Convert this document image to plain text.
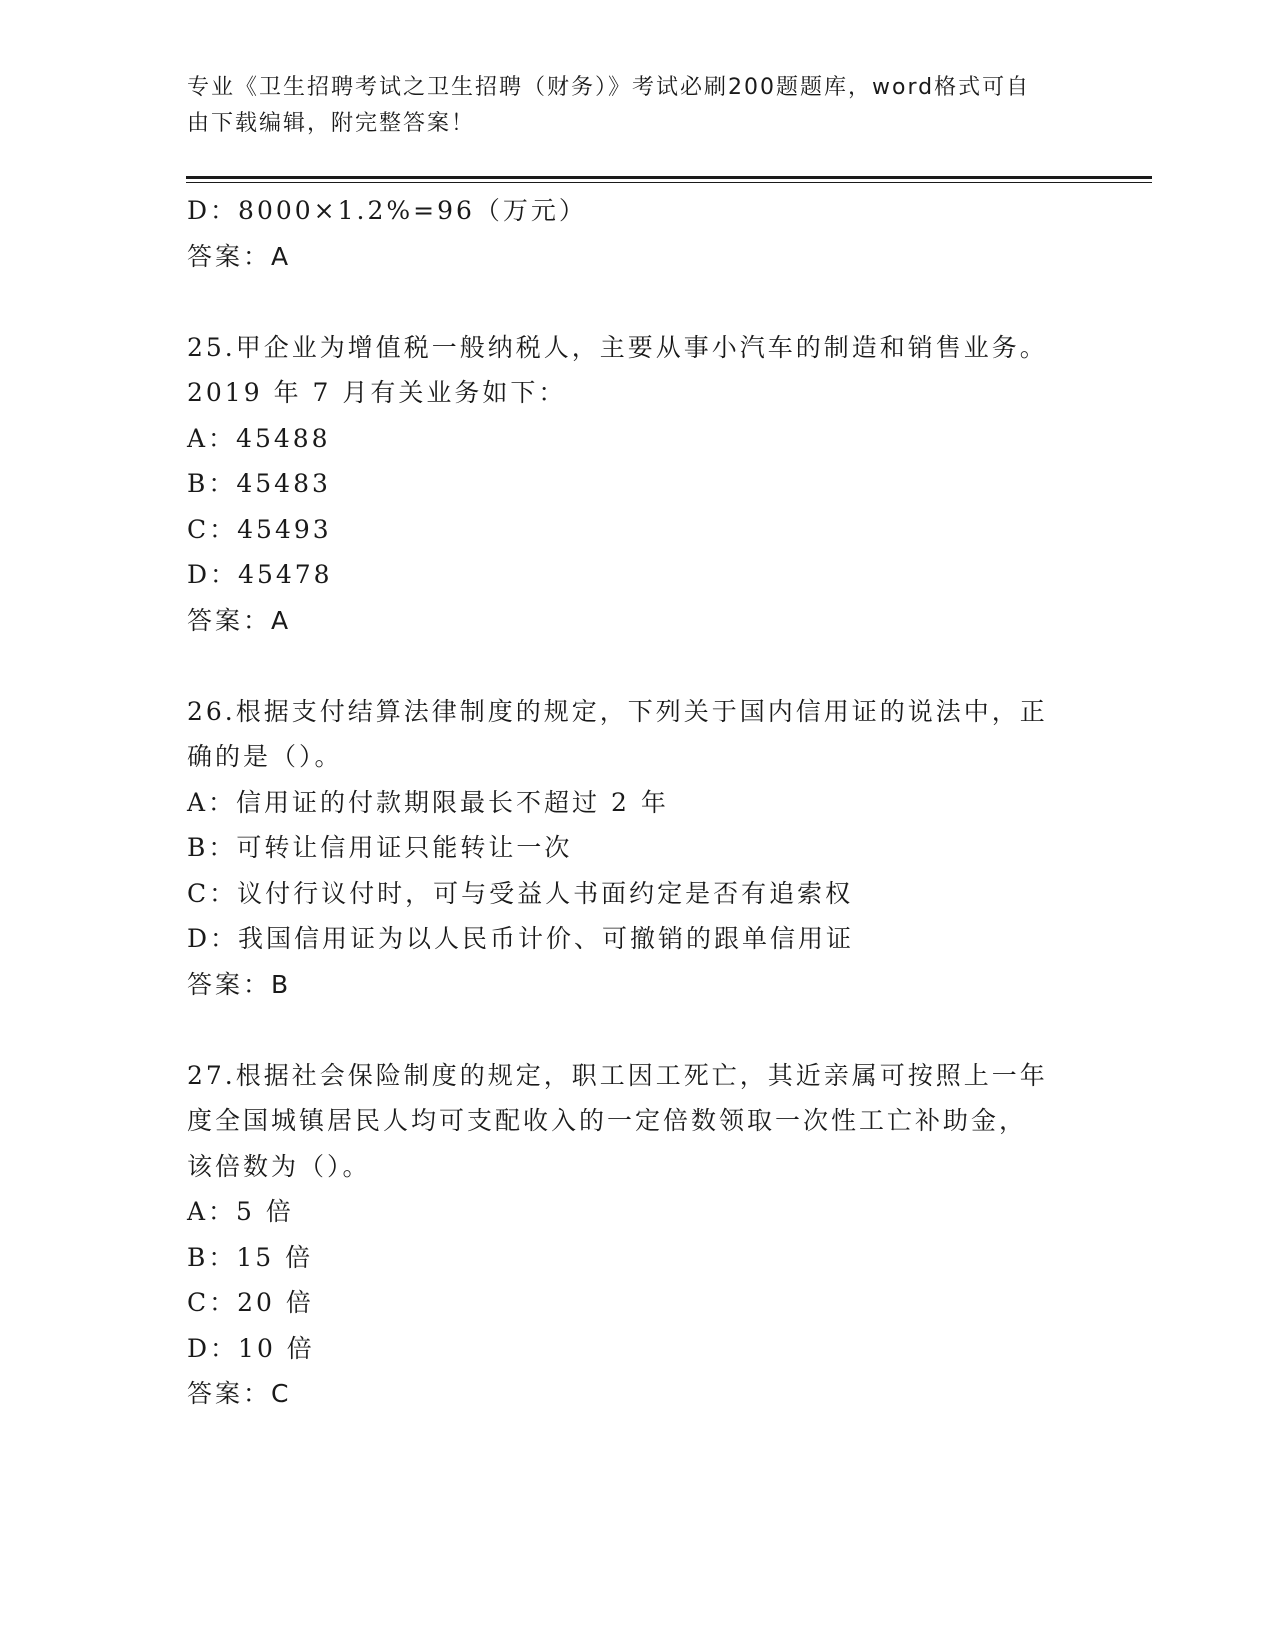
专业《卫生招聘考试之卫生招聘（财务）》考试必刷200题题库，word格式可自
由下载编辑，附完整答案！
D：8000×1.2%=96（万元）
答案：A
25.甲企业为增值税一般纳税人，主要从事小汽车的制造和销售业务。
2019 年 7 月有关业务如下：
A：45488
B：45483
C：45493
D：45478
答案：A
26.根据支付结算法律制度的规定，下列关于国内信用证的说法中，正
确的是（）。
A：信用证的付款期限最长不超过 2 年
B：可转让信用证只能转让一次
C：议付行议付时，可与受益人书面约定是否有追索权
D：我国信用证为以人民币计价、可撤销的跟单信用证
答案：B
27.根据社会保险制度的规定，职工因工死亡，其近亲属可按照上一年
度全国城镇居民人均可支配收入的一定倍数领取一次性工亡补助金，
该倍数为（）。
A：5 倍
B：15 倍
C：20 倍
D：10 倍
答案：C
